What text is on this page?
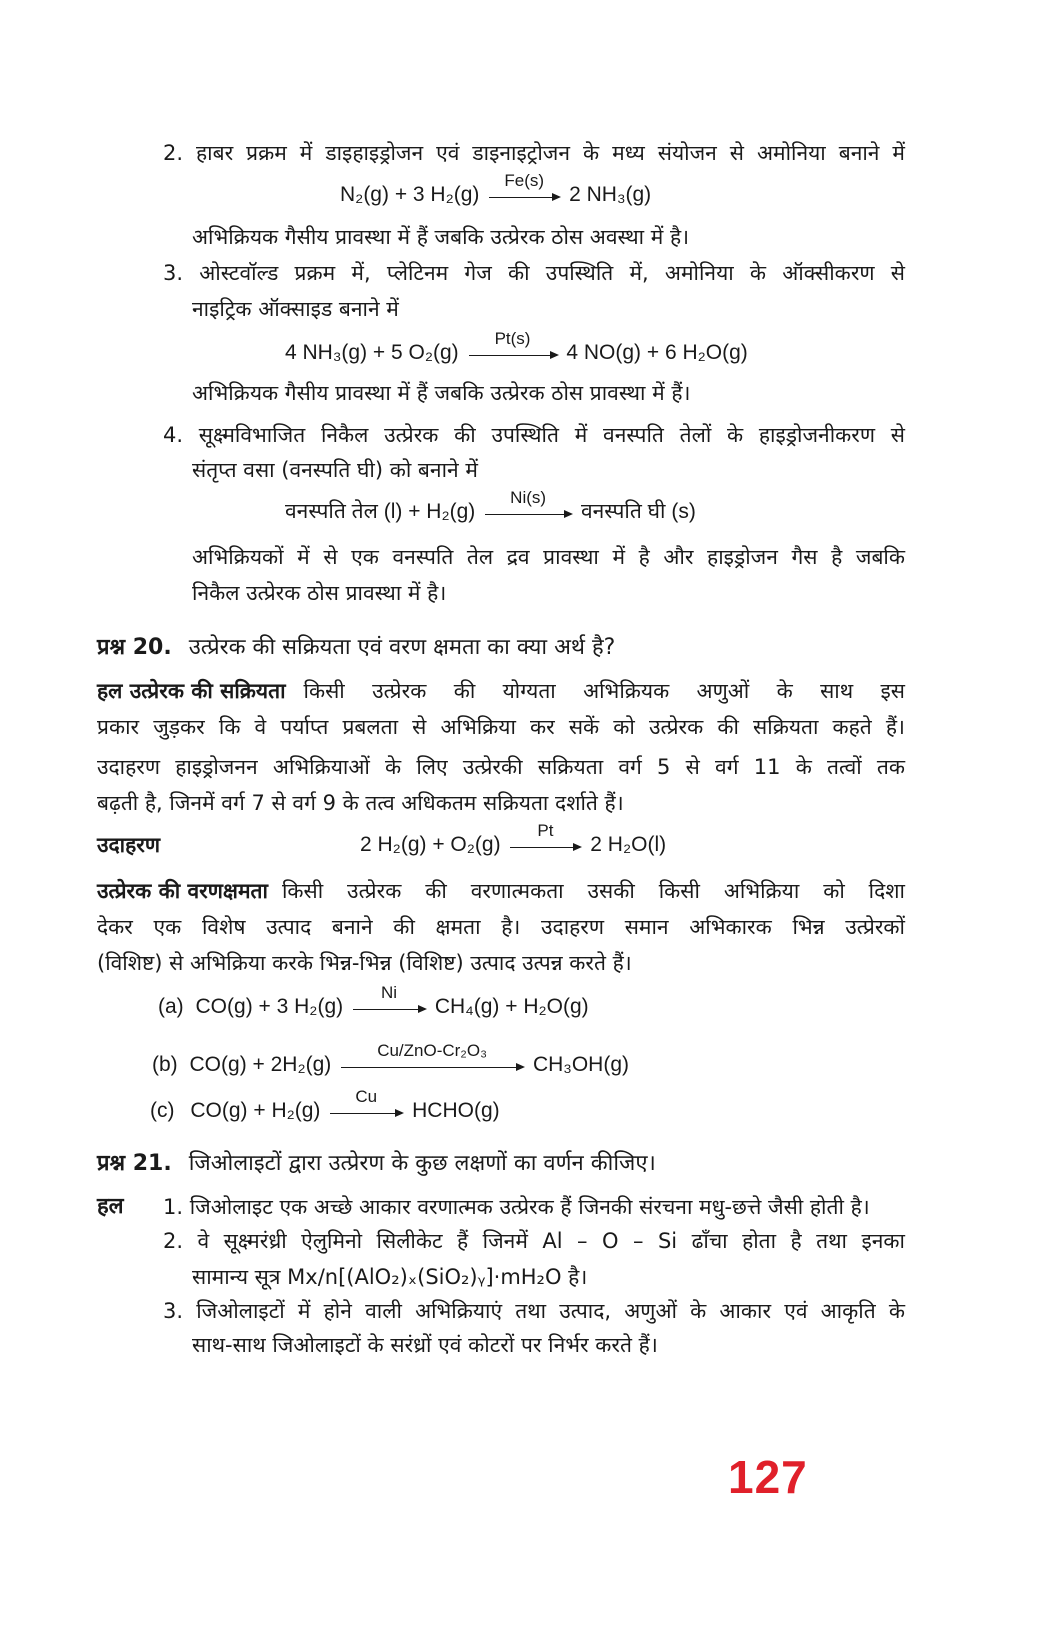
2. हाबर प्रक्रम में डाइहाइड्रोजन एवं डाइनाइट्रोजन के मध्य संयोजन से अमोनिया बनाने में
N₂(g) + 3 H₂(g)
Fe(s)
2 NH₃(g)
अभिक्रियक गैसीय प्रावस्था में हैं जबकि उत्प्रेरक ठोस अवस्था में है।
3. ओस्टवॉल्ड प्रक्रम में, प्लेटिनम गेज की उपस्थिति में, अमोनिया के ऑक्सीकरण से
नाइट्रिक ऑक्साइड बनाने में
4 NH₃(g) + 5 O₂(g)
Pt(s)
4 NO(g) + 6 H₂O(g)
अभिक्रियक गैसीय प्रावस्था में हैं जबकि उत्प्रेरक ठोस प्रावस्था में हैं।
4. सूक्ष्मविभाजित निकैल उत्प्रेरक की उपस्थिति में वनस्पति तेलों के हाइड्रोजनीकरण से
संतृप्त वसा (वनस्पति घी) को बनाने में
वनस्पति तेल (l) + H₂(g)
Ni(s)
वनस्पति घी (s)
अभिक्रियकों में से एक वनस्पति तेल द्रव प्रावस्था में है और हाइड्रोजन गैस है जबकि
निकैल उत्प्रेरक ठोस प्रावस्था में है।
प्रश्न 20. उत्प्रेरक की सक्रियता एवं वरण क्षमता का क्या अर्थ है?
हल उत्प्रेरक की सक्रियता किसी उत्प्रेरक की योग्यता अभिक्रियक अणुओं के साथ इस
प्रकार जुड़कर कि वे पर्याप्त प्रबलता से अभिक्रिया कर सकें को उत्प्रेरक की सक्रियता कहते हैं।
उदाहरण हाइड्रोजनन अभिक्रियाओं के लिए उत्प्रेरकी सक्रियता वर्ग 5 से वर्ग 11 के तत्वों तक
बढ़ती है, जिनमें वर्ग 7 से वर्ग 9 के तत्व अधिकतम सक्रियता दर्शाते हैं।
उदाहरण	2 H₂(g) + O₂(g)
Pt
2 H₂O(l)
उत्प्रेरक की वरणक्षमता किसी उत्प्रेरक की वरणात्मकता उसकी किसी अभिक्रिया को दिशा
देकर एक विशेष उत्पाद बनाने की क्षमता है। उदाहरण समान अभिकारक भिन्न उत्प्रेरकों
(विशिष्ट) से अभिक्रिया करके भिन्न-भिन्न (विशिष्ट) उत्पाद उत्पन्न करते हैं।
(a) CO(g) + 3 H₂(g)
Ni
CH₄(g) + H₂O(g)
(b) CO(g) + 2H₂(g)
Cu/ZnO-Cr₂O₃
CH₃OH(g)
(c) CO(g) + H₂(g)
Cu
HCHO(g)
प्रश्न 21. जिओलाइटों द्वारा उत्प्रेरण के कुछ लक्षणों का वर्णन कीजिए।
हल 1. जिओलाइट एक अच्छे आकार वरणात्मक उत्प्रेरक हैं जिनकी संरचना मधु-छत्ते जैसी होती है।
2. वे सूक्ष्मरंध्री ऐलुमिनो सिलीकेट हैं जिनमें Al – O – Si ढाँचा होता है तथा इनका
सामान्य सूत्र Mx/n[(AlO₂)ₓ(SiO₂)ᵧ]·mH₂O है।
3. जिओलाइटों में होने वाली अभिक्रियाएं तथा उत्पाद, अणुओं के आकार एवं आकृति के
साथ-साथ जिओलाइटों के सरंध्रों एवं कोटरों पर निर्भर करते हैं।
127
